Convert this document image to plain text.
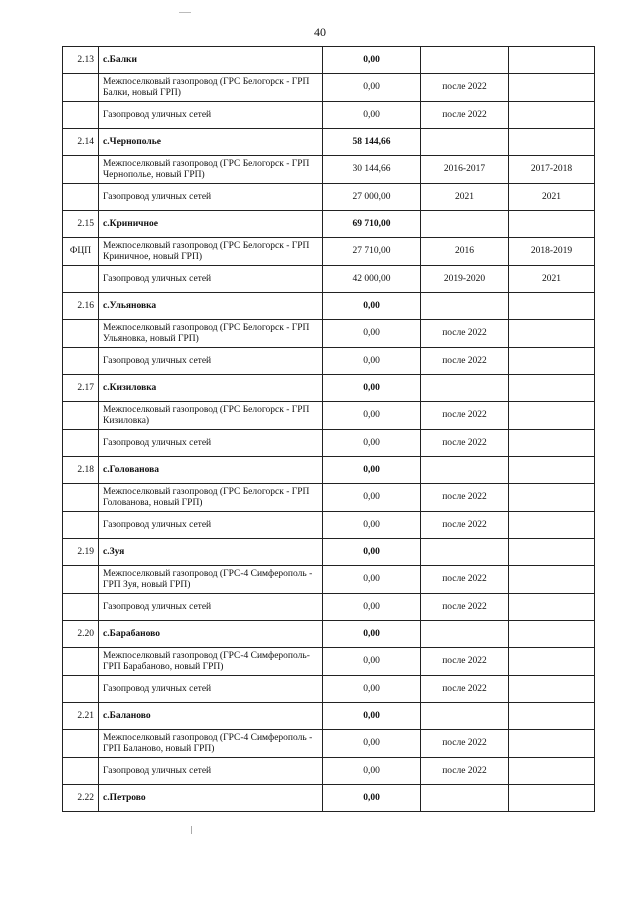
40
2.13	с.Балки	0,00		
	Межпоселковый газопровод (ГРС Белогорск - ГРП Балки, новый ГРП)	0,00	после 2022	
	Газопровод уличных сетей	0,00	после 2022	
2.14	с.Чернополье	58 144,66		
	Межпоселковый газопровод (ГРС Белогорск - ГРП Чернополье, новый ГРП)	30 144,66	2016-2017	2017-2018
	Газопровод уличных сетей	27 000,00	2021	2021
2.15	с.Криничное	69 710,00		
ФЦП	Межпоселковый газопровод (ГРС Белогорск - ГРП Криничное, новый ГРП)	27 710,00	2016	2018-2019
	Газопровод уличных сетей	42 000,00	2019-2020	2021
2.16	с.Ульяновка	0,00		
	Межпоселковый газопровод (ГРС Белогорск - ГРП Ульяновка, новый ГРП)	0,00	после 2022	
	Газопровод уличных сетей	0,00	после 2022	
2.17	с.Кизиловка	0,00		
	Межпоселковый газопровод (ГРС Белогорск - ГРП Кизиловка)	0,00	после 2022	
	Газопровод уличных сетей	0,00	после 2022	
2.18	с.Голованова	0,00		
	Межпоселковый газопровод (ГРС Белогорск - ГРП Голованова, новый ГРП)	0,00	после 2022	
	Газопровод уличных сетей	0,00	после 2022	
2.19	с.Зуя	0,00		
	Межпоселковый газопровод (ГРС-4 Симферополь - ГРП Зуя, новый ГРП)	0,00	после 2022	
	Газопровод уличных сетей	0,00	после 2022	
2.20	с.Барабаново	0,00		
	Межпоселковый газопровод (ГРС-4 Симферополь- ГРП Барабаново, новый ГРП)	0,00	после 2022	
	Газопровод уличных сетей	0,00	после 2022	
2.21	с.Баланово	0,00		
	Межпоселковый газопровод (ГРС-4 Симферополь - ГРП Баланово, новый ГРП)	0,00	после 2022	
	Газопровод уличных сетей	0,00	после 2022	
2.22	с.Петрово	0,00		
